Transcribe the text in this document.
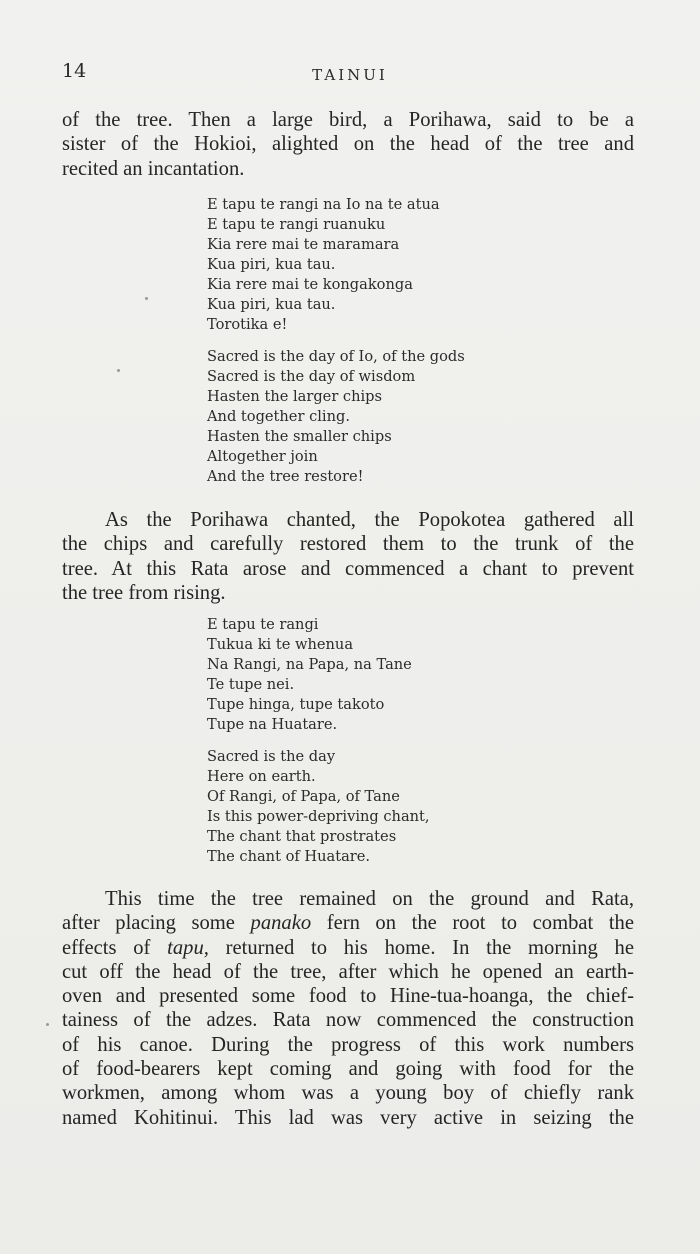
14	TAINUI
of the tree. Then a large bird, a Porihawa, said to be a
sister of the Hokioi, alighted on the head of the tree and
recited an incantation.
E tapu te rangi na Io na te atua
E tapu te rangi ruanuku
Kia rere mai te maramara
Kua piri, kua tau.
Kia rere mai te kongakonga
Kua piri, kua tau.
Torotika e!
Sacred is the day of Io, of the gods
Sacred is the day of wisdom
Hasten the larger chips
And together cling.
Hasten the smaller chips
Altogether join
And the tree restore!
As the Porihawa chanted, the Popokotea gathered all
the chips and carefully restored them to the trunk of the
tree. At this Rata arose and commenced a chant to prevent
the tree from rising.
E tapu te rangi
Tukua ki te whenua
Na Rangi, na Papa, na Tane
Te tupe nei.
Tupe hinga, tupe takoto
Tupe na Huatare.
Sacred is the day
Here on earth.
Of Rangi, of Papa, of Tane
Is this power-depriving chant,
The chant that prostrates
The chant of Huatare.
This time the tree remained on the ground and Rata,
after placing some panako fern on the root to combat the
effects of tapu, returned to his home. In the morning he
cut off the head of the tree, after which he opened an earth-
oven and presented some food to Hine-tua-hoanga, the chief-
tainess of the adzes. Rata now commenced the construction
of his canoe. During the progress of this work numbers
of food-bearers kept coming and going with food for the
workmen, among whom was a young boy of chiefly rank
named Kohitinui. This lad was very active in seizing the
